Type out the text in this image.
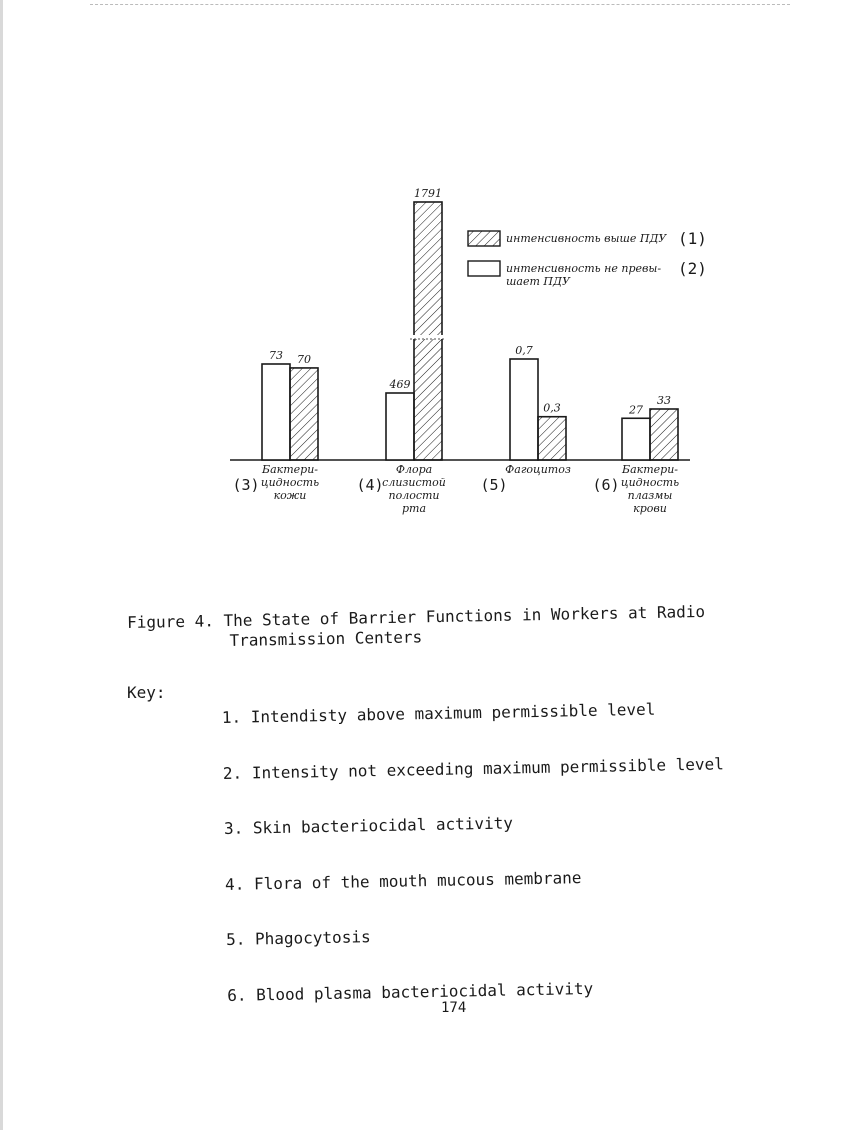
73 70
Бактери-цидность кожи
(3)
469
1791
Флора слизистой полости рта
(4)
0,7
0,3
Фагоцитоз
(5)
27
33
Бактери-цидность плазмы крови
(6)
интенсивность выше ПДУ (1)
интенсивность не превы-шает ПДУ
(2)
Figure 4. The State of Barrier Functions in Workers at Radio
Transmission Centers
Key:

1. Intendisty above maximum permissible level

2. Intensity not exceeding maximum permissible level

3. Skin bacteriocidal activity

4. Flora of the mouth mucous membrane

5. Phagocytosis

6. Blood plasma bacteriocidal activity

174
